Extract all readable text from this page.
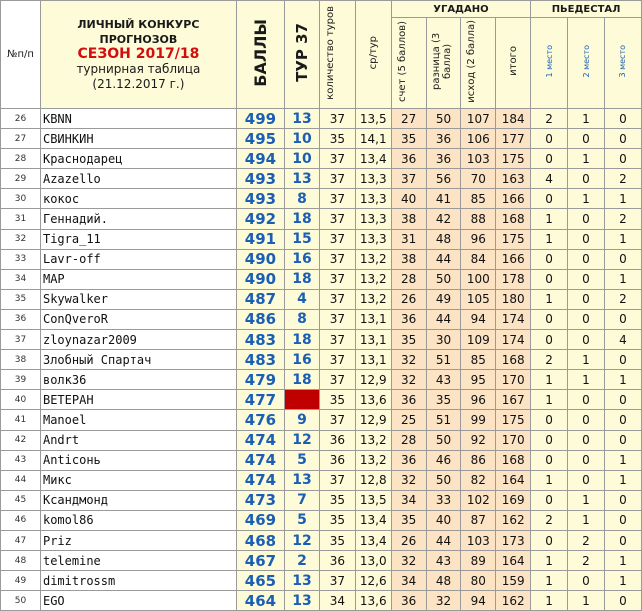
№п/п	ЛИЧНЫЙ КОНКУРС
ПРОГНОЗОВ
СЕЗОН 2017/18
турнирная таблица
(21.12.2017 г.)	БАЛЛЫ	ТУР 37	количество туров	ср/тур	УГАДАНО				ПЬЕДЕСТАЛ		
						счет (5 баллов)	разница (3 балла)	исход (2 балла)	итого	1 место	2 место	3 место
26	KBNN	499	13	37	13,5	27	50	107	184	2	1	0
27	СВИНКИН	495	10	35	14,1	35	36	106	177	0	0	0
28	Краснодарец	494	10	37	13,4	36	36	103	175	0	1	0
29	Azazello	493	13	37	13,3	37	56	70	163	4	0	2
30	кокос	493	8	37	13,3	40	41	85	166	0	1	1
31	Геннадий.	492	18	37	13,3	38	42	88	168	1	0	2
32	Tigra_11	491	15	37	13,3	31	48	96	175	1	0	1
33	Lavr-off	490	16	37	13,2	38	44	84	166	0	0	0
34	MAP	490	18	37	13,2	28	50	100	178	0	0	1
35	Skywalker	487	4	37	13,2	26	49	105	180	1	0	2
36	ConQveroR	486	8	37	13,1	36	44	94	174	0	0	0
37	zloynazar2009	483	18	37	13,1	35	30	109	174	0	0	4
38	Злобный Спартач	483	16	37	13,1	32	51	85	168	2	1	0
39	волк36	479	18	37	12,9	32	43	95	170	1	1	1
40	ВЕТЕРАН	477		35	13,6	36	35	96	167	1	0	0
41	Manoel	476	9	37	12,9	25	51	99	175	0	0	0
42	Andrt	474	12	36	13,2	28	50	92	170	0	0	0
43	Anticoнь	474	5	36	13,2	36	46	86	168	0	0	1
44	Микс	474	13	37	12,8	32	50	82	164	1	0	1
45	Ксандмонд	473	7	35	13,5	34	33	102	169	0	1	0
46	komol86	469	5	35	13,4	35	40	87	162	2	1	0
47	Priz	468	12	35	13,4	26	44	103	173	0	2	0
48	telemine	467	2	36	13,0	32	43	89	164	1	2	1
49	dimitrossm	465	13	37	12,6	34	48	80	159	1	0	1
50	EGO	464	13	34	13,6	36	32	94	162	1	1	0
